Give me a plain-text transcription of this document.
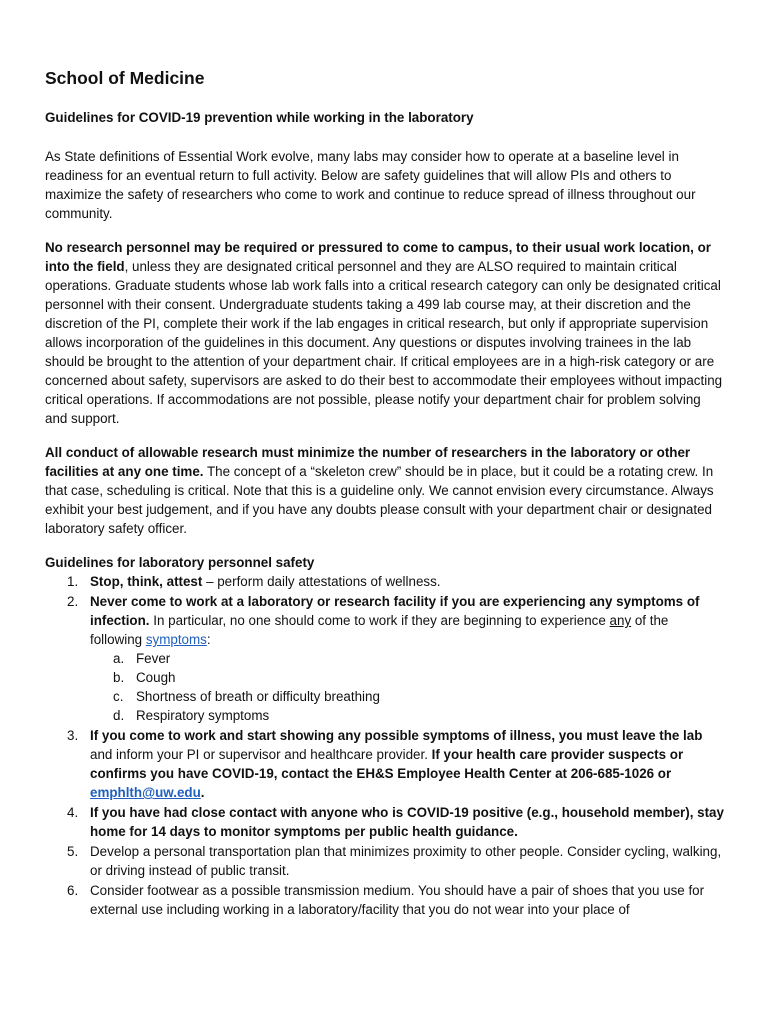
School of Medicine
Guidelines for COVID-19 prevention while working in the laboratory

As State definitions of Essential Work evolve, many labs may consider how to operate at a baseline level in readiness for an eventual return to full activity. Below are safety guidelines that will allow PIs and others to maximize the safety of researchers who come to work and continue to reduce spread of illness throughout our community.

No research personnel may be required or pressured to come to campus, to their usual work location, or into the field, unless they are designated critical personnel and they are ALSO required to maintain critical operations. Graduate students whose lab work falls into a critical research category can only be designated critical personnel with their consent. Undergraduate students taking a 499 lab course may, at their discretion and the discretion of the PI, complete their work if the lab engages in critical research, but only if appropriate supervision allows incorporation of the guidelines in this document. Any questions or disputes involving trainees in the lab should be brought to the attention of your department chair. If critical employees are in a high-risk category or are concerned about safety, supervisors are asked to do their best to accommodate their employees without impacting critical operations. If accommodations are not possible, please notify your department chair for problem solving and support.

All conduct of allowable research must minimize the number of researchers in the laboratory or other facilities at any one time. The concept of a “skeleton crew” should be in place, but it could be a rotating crew. In that case, scheduling is critical. Note that this is a guideline only. We cannot envision every circumstance. Always exhibit your best judgement, and if you have any doubts please consult with your department chair or designated laboratory safety officer.

Guidelines for laboratory personnel safety
1. Stop, think, attest – perform daily attestations of wellness.
2. Never come to work at a laboratory or research facility if you are experiencing any symptoms of infection. In particular, no one should come to work if they are beginning to experience any of the following symptoms:
a. Fever
b. Cough
c. Shortness of breath or difficulty breathing
d. Respiratory symptoms
3. If you come to work and start showing any possible symptoms of illness, you must leave the lab and inform your PI or supervisor and healthcare provider. If your health care provider suspects or confirms you have COVID-19, contact the EH&S Employee Health Center at 206-685-1026 or emphlth@uw.edu.
4. If you have had close contact with anyone who is COVID-19 positive (e.g., household member), stay home for 14 days to monitor symptoms per public health guidance.
5. Develop a personal transportation plan that minimizes proximity to other people. Consider cycling, walking, or driving instead of public transit.
6. Consider footwear as a possible transmission medium. You should have a pair of shoes that you use for external use including working in a laboratory/facility that you do not wear into your place of
